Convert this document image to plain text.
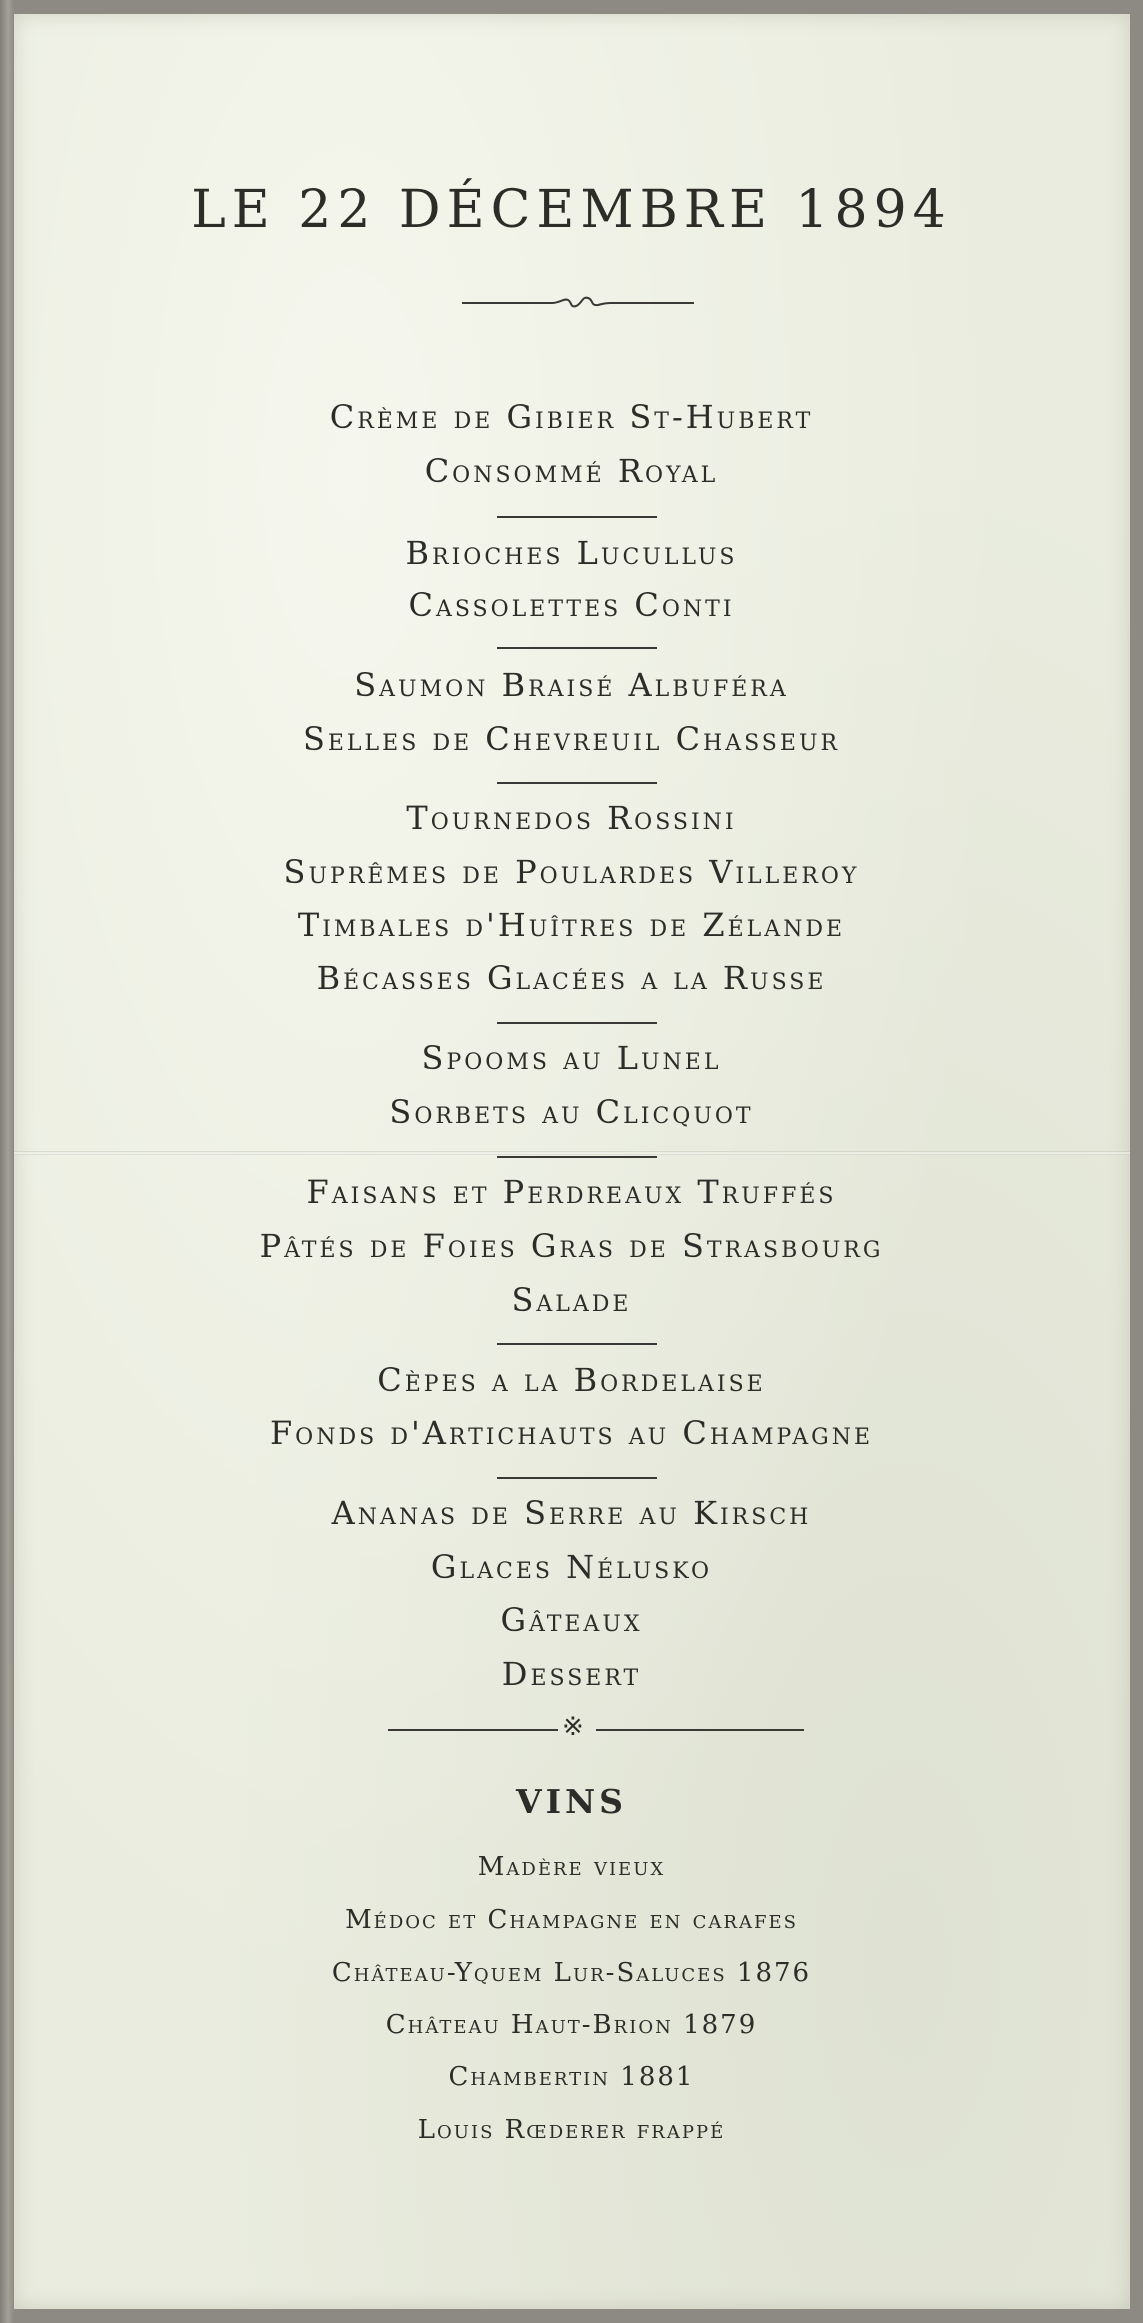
LE 22 DÉCEMBRE 1894
Crème de Gibier St-Hubert
Consommé Royal
Brioches Lucullus
Cassolettes Conti
Saumon Braisé Albuféra
Selles de Chevreuil Chasseur
Tournedos Rossini
Suprêmes de Poulardes Villeroy
Timbales d'Huîtres de Zélande
Bécasses Glacées a la Russe
Spooms au Lunel
Sorbets au Clicquot
Faisans et Perdreaux Truffés
Pâtés de Foies Gras de Strasbourg
Salade
Cèpes a la Bordelaise
Fonds d'Artichauts au Champagne
Ananas de Serre au Kirsch
Glaces Nélusko
Gâteaux
Dessert
※
VINS
Madère vieux
Médoc et Champagne en carafes
Château-Yquem Lur-Saluces 1876
Château Haut-Brion 1879
Chambertin 1881
Louis Rœderer frappé
